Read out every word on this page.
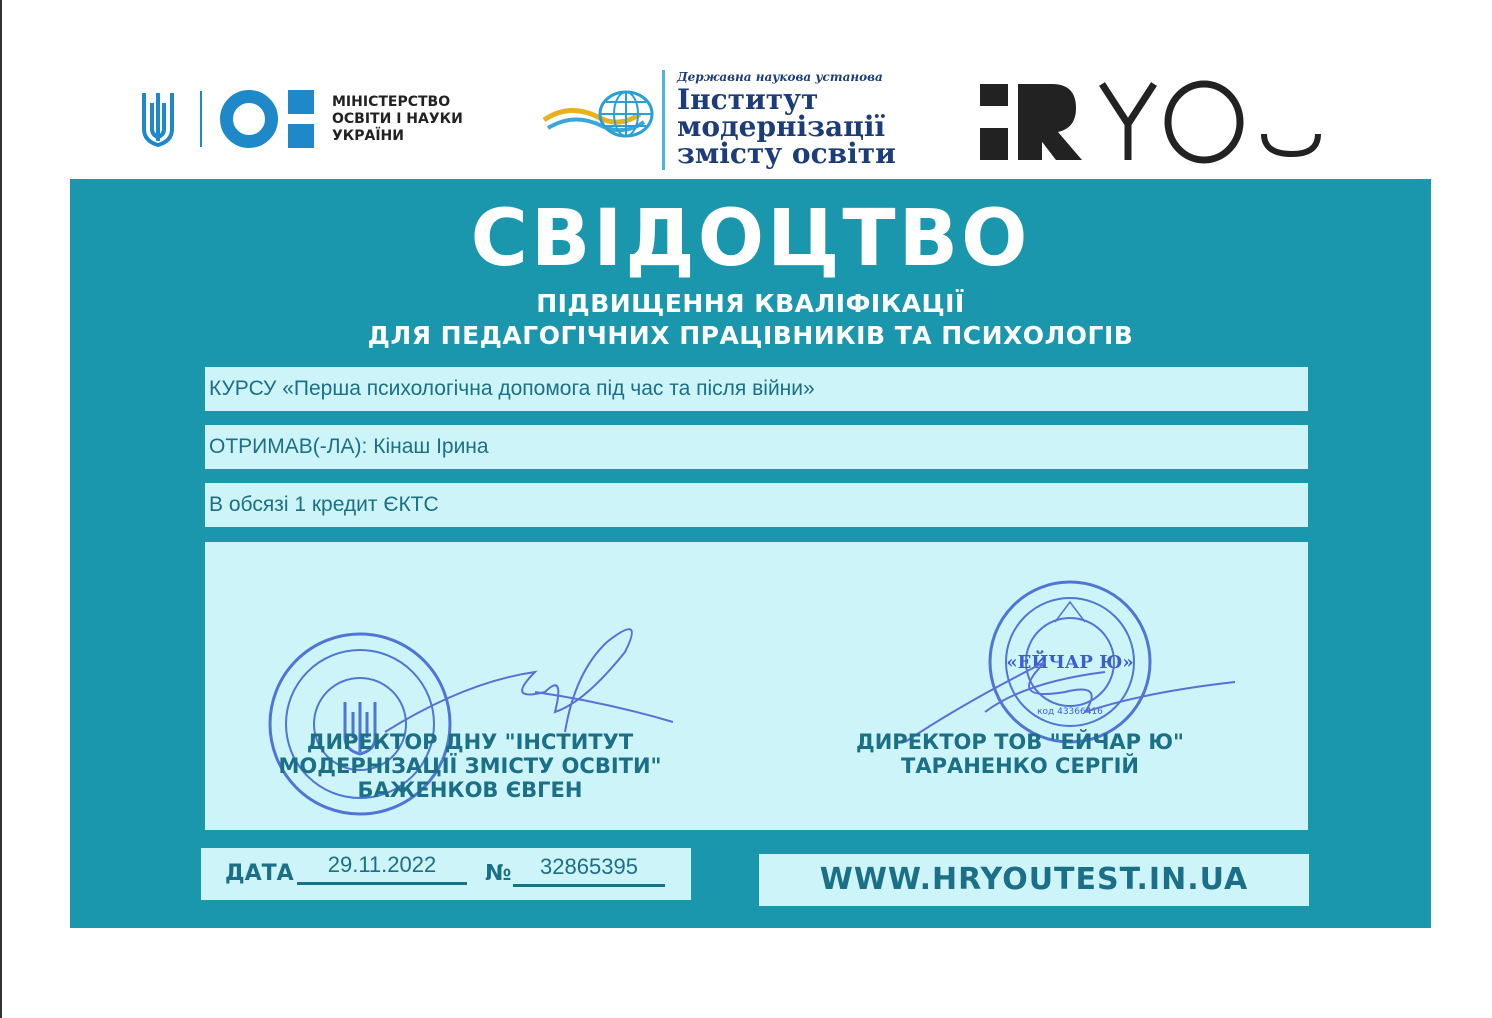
МІНІСТЕРСТВО
ОСВІТИ І НАУКИ
УКРАЇНИ
Державна наукова установа
Інститут
модернізації
змісту освіти
СВІДОЦТВО
ПІДВИЩЕННЯ КВАЛІФІКАЦІЇ
ДЛЯ ПЕДАГОГІЧНИХ ПРАЦІВНИКІВ ТА ПСИХОЛОГІВ
КУРСУ «Перша психологічна допомога під час та після війни»
ОТРИМАВ(-ЛА): Кінаш Ірина
В обсязі 1 кредит ЄКТС
«ЕЙЧАР Ю»
код 43366416
ДИРЕКТОР ДНУ "ІНСТИТУТ
МОДЕРНІЗАЦІЇ ЗМІСТУ ОСВІТИ"
БАЖЕНКОВ ЄВГЕН
ДИРЕКТОР ТОВ "ЕЙЧАР Ю"
ТАРАНЕНКО СЕРГІЙ
ДАТА	29.11.2022	№	32865395	WWW.HRYOUTEST.IN.UA
